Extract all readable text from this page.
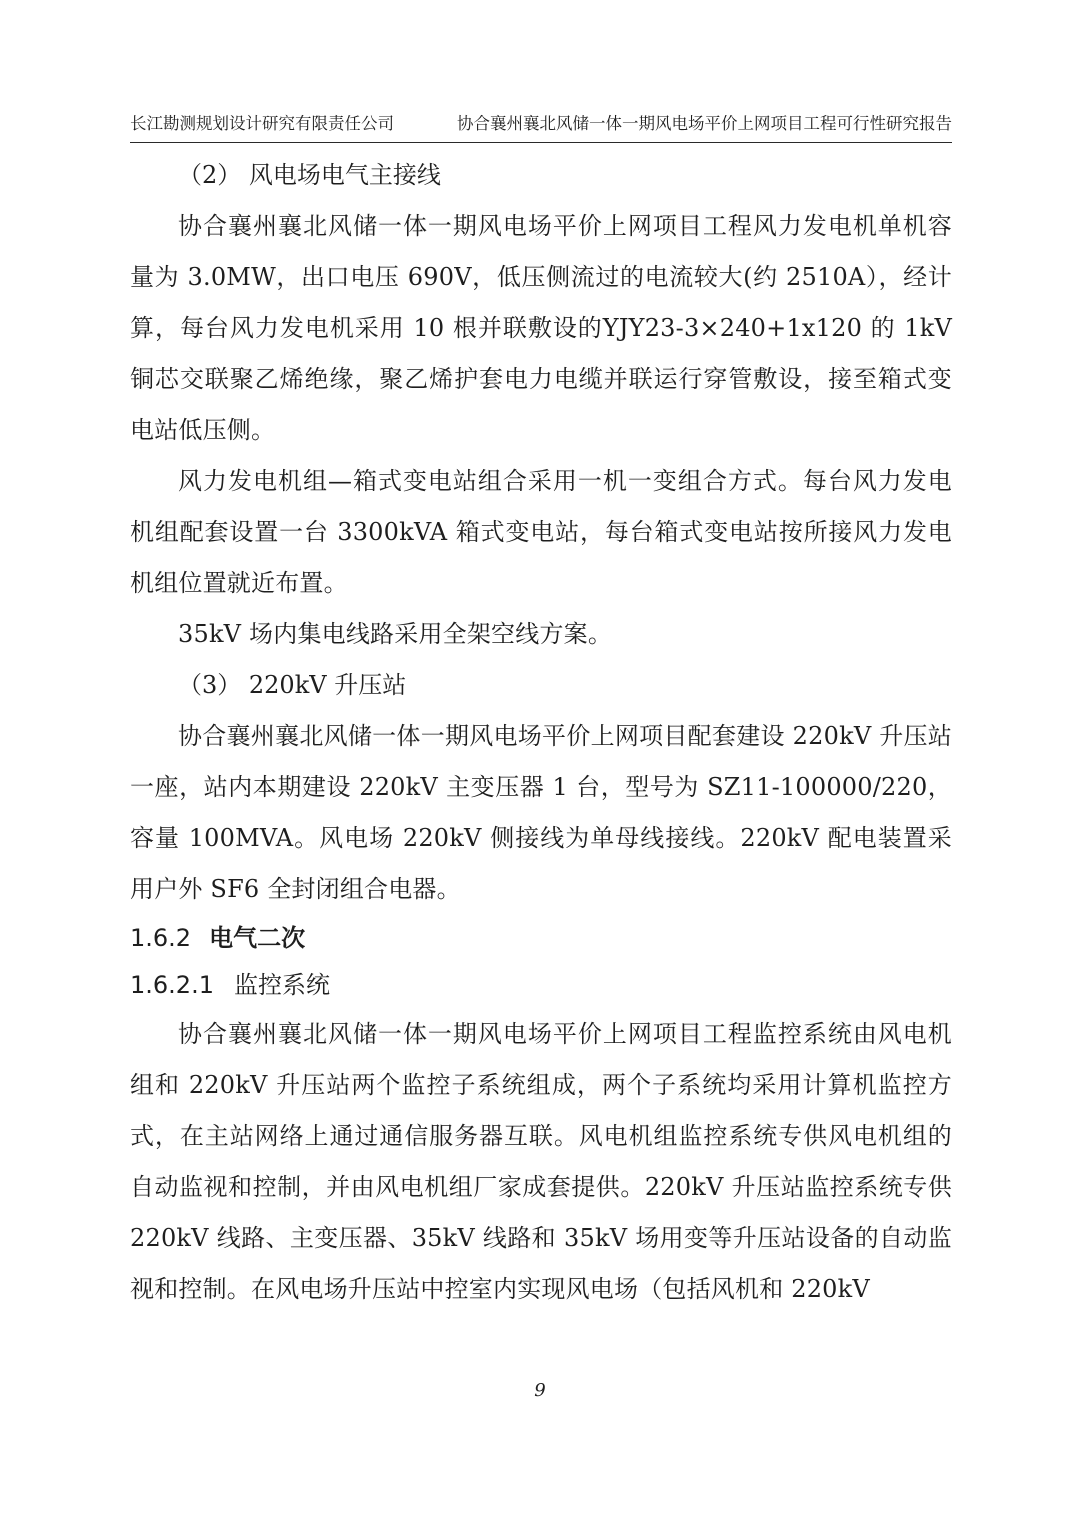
长江勘测规划设计研究有限责任公司	协合襄州襄北风储一体一期风电场平价上网项目工程可行性研究报告

（2） 风电场电气主接线

协合襄州襄北风储一体一期风电场平价上网项目工程风力发电机单机容量为 3.0MW，出口电压 690V，低压侧流过的电流较大(约 2510A），经计算，每台风力发电机采用 10 根并联敷设的YJY23-3×240+1x120 的 1kV 铜芯交联聚乙烯绝缘，聚乙烯护套电力电缆并联运行穿管敷设，接至箱式变电站低压侧。

风力发电机组—箱式变电站组合采用一机一变组合方式。每台风力发电机组配套设置一台 3300kVA 箱式变电站，每台箱式变电站按所接风力发电机组位置就近布置。

35kV 场内集电线路采用全架空线方案。

（3） 220kV 升压站

协合襄州襄北风储一体一期风电场平价上网项目配套建设 220kV 升压站一座，站内本期建设 220kV 主变压器 1 台，型号为 SZ11-100000/220，容量 100MVA。风电场 220kV 侧接线为单母线接线。220kV 配电装置采用户外 SF6 全封闭组合电器。

1.6.2 电气二次

1.6.2.1 监控系统

协合襄州襄北风储一体一期风电场平价上网项目工程监控系统由风电机组和 220kV 升压站两个监控子系统组成，两个子系统均采用计算机监控方式，在主站网络上通过通信服务器互联。风电机组监控系统专供风电机组的自动监视和控制，并由风电机组厂家成套提供。220kV 升压站监控系统专供 220kV 线路、主变压器、35kV 线路和 35kV 场用变等升压站设备的自动监视和控制。在风电场升压站中控室内实现风电场（包括风机和 220kV

9
